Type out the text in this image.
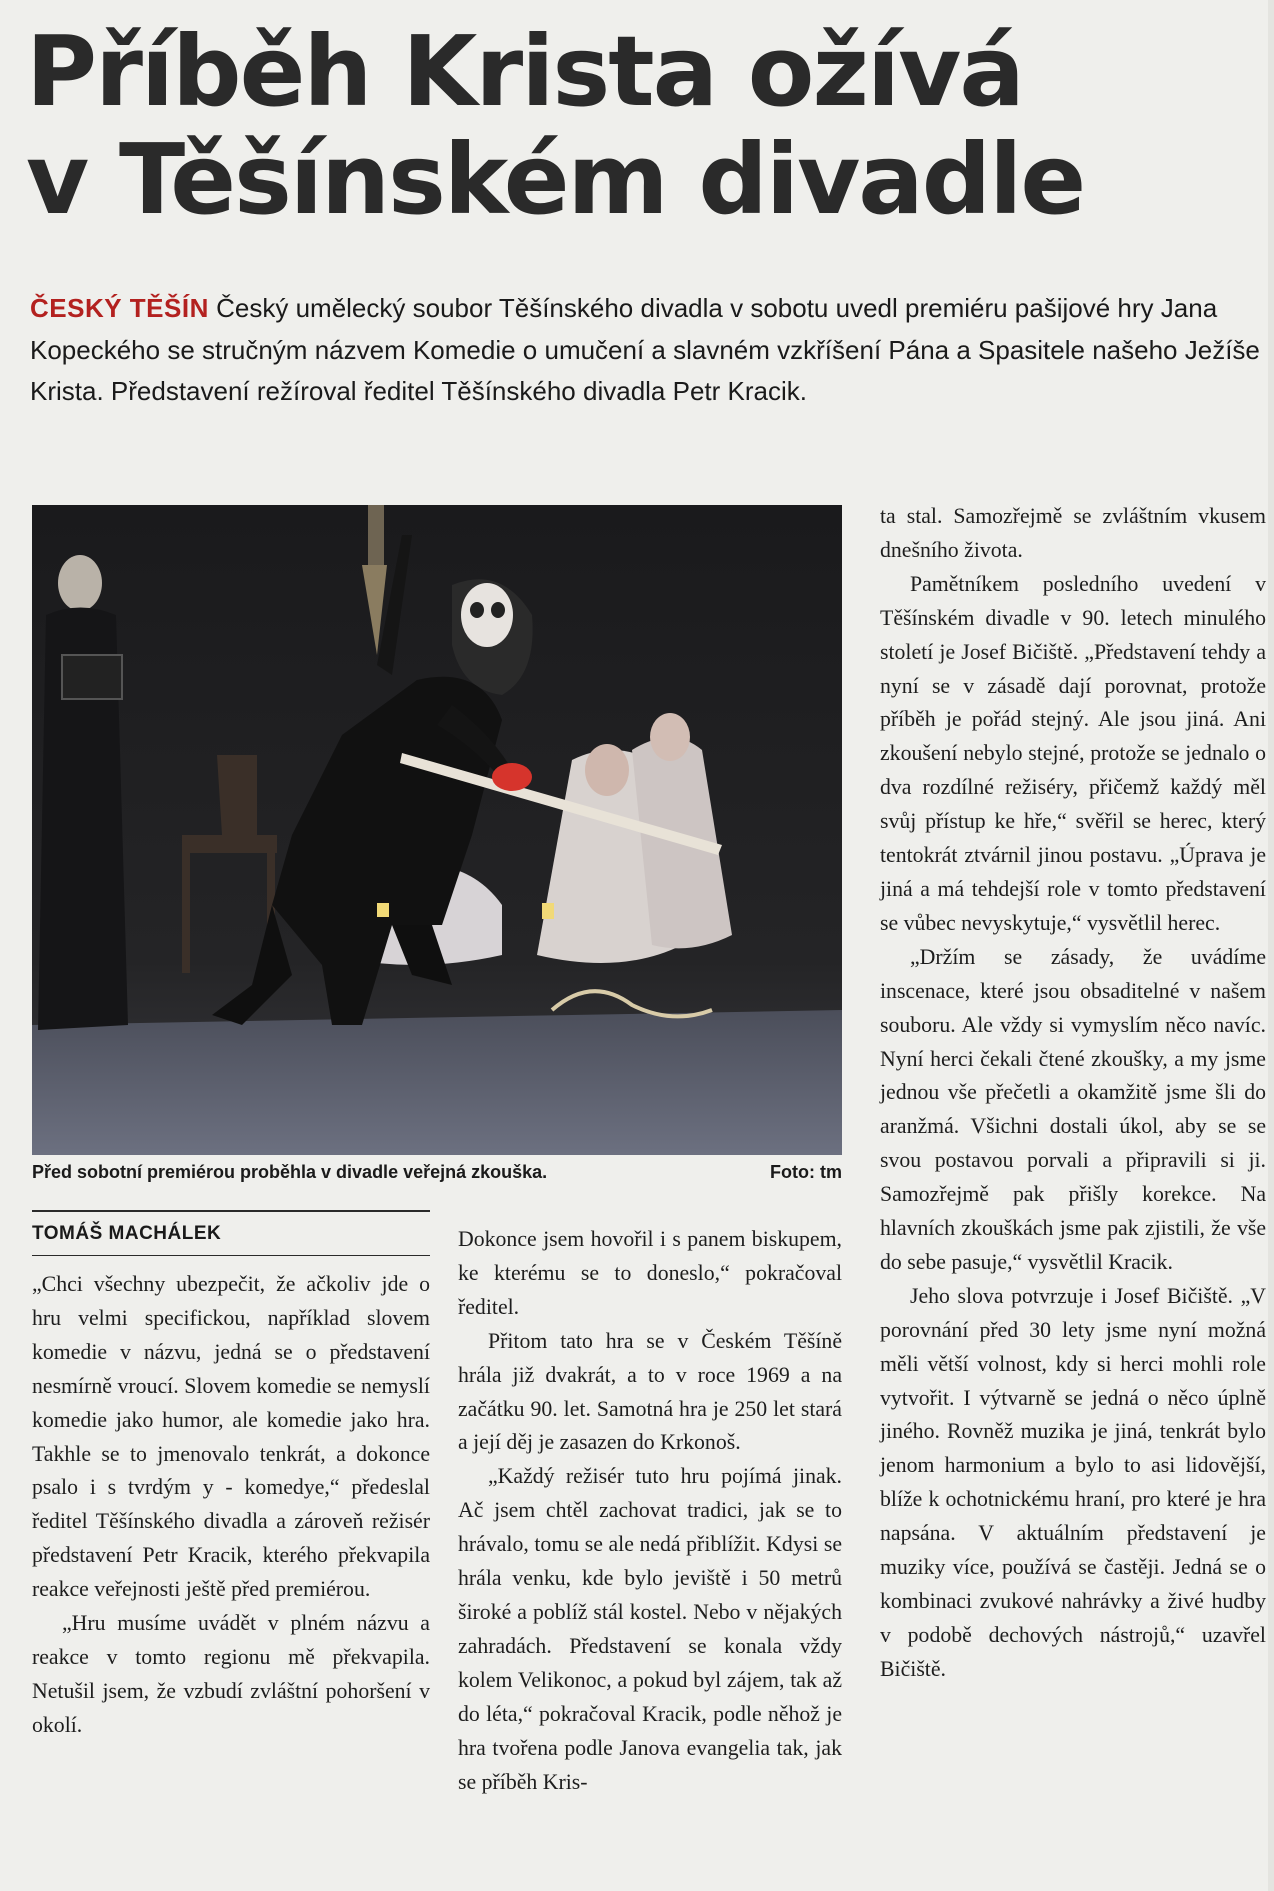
Příběh Krista ožívá
v Těšínském divadle
ČESKÝ TĚŠÍN Český umělecký soubor Těšínského divadla v sobotu uvedl premiéru pašijové hry Jana Kopeckého se stručným názvem Komedie o umučení a slavném vzkříšení Pána a Spasitele našeho Ježíše Krista. Představení režíroval ředitel Těšínského divadla Petr Kracik.
Před sobotní premiérou proběhla v divadle veřejná zkouška.	Foto: tm
TOMÁŠ MACHÁLEK

„Chci všechny ubezpečit, že ačkoliv jde o hru velmi specifickou, například slovem komedie v názvu, jedná se o představení nesmírně vroucí. Slovem komedie se nemyslí komedie jako humor, ale komedie jako hra. Takhle se to jmenovalo tenkrát, a dokonce psalo i s tvrdým y - komedye,“ předeslal ředitel Těšínského divadla a zároveň režisér představení Petr Kracik, kterého překvapila reakce veřejnosti ještě před premiérou.

„Hru musíme uvádět v plném názvu a reakce v tomto regionu mě překvapila. Netušil jsem, že vzbudí zvláštní pohoršení v okolí.

Dokonce jsem hovořil i s panem biskupem, ke kterému se to doneslo,“ pokračoval ředitel.

Přitom tato hra se v Českém Těšíně hrála již dvakrát, a to v roce 1969 a na začátku 90. let. Samotná hra je 250 let stará a její děj je zasazen do Krkonoš.

„Každý režisér tuto hru pojímá jinak. Ač jsem chtěl zachovat tradici, jak se to hrávalo, tomu se ale nedá přiblížit. Kdysi se hrála venku, kde bylo jeviště i 50 metrů široké a poblíž stál kostel. Nebo v nějakých zahradách. Představení se konala vždy kolem Velikonoc, a pokud byl zájem, tak až do léta,“ pokračoval Kracik, podle něhož je hra tvořena podle Janova evangelia tak, jak se příběh Kris-

ta stal. Samozřejmě se zvláštním vkusem dnešního života.

Pamětníkem posledního uvedení v Těšínském divadle v 90. letech minulého století je Josef Bičiště. „Představení tehdy a nyní se v zásadě dají porovnat, protože příběh je pořád stejný. Ale jsou jiná. Ani zkoušení nebylo stejné, protože se jednalo o dva rozdílné režiséry, přičemž každý měl svůj přístup ke hře,“ svěřil se herec, který tentokrát ztvárnil jinou postavu. „Úprava je jiná a má tehdejší role v tomto představení se vůbec nevyskytuje,“ vysvětlil herec.

„Držím se zásady, že uvádíme inscenace, které jsou obsaditelné v našem souboru. Ale vždy si vymyslím něco navíc. Nyní herci čekali čtené zkoušky, a my jsme jednou vše přečetli a okamžitě jsme šli do aranžmá. Všichni dostali úkol, aby se se svou postavou porvali a připravili si ji. Samozřejmě pak přišly korekce. Na hlavních zkouškách jsme pak zjistili, že vše do sebe pasuje,“ vysvětlil Kracik.

Jeho slova potvrzuje i Josef Bičiště. „V porovnání před 30 lety jsme nyní možná měli větší volnost, kdy si herci mohli role vytvořit. I výtvarně se jedná o něco úplně jiného. Rovněž muzika je jiná, tenkrát bylo jenom harmonium a bylo to asi lidovější, blíže k ochotnickému hraní, pro které je hra napsána. V aktuálním představení je muziky více, používá se častěji. Jedná se o kombinaci zvukové nahrávky a živé hudby v podobě dechových nástrojů,“ uzavřel Bičiště.
